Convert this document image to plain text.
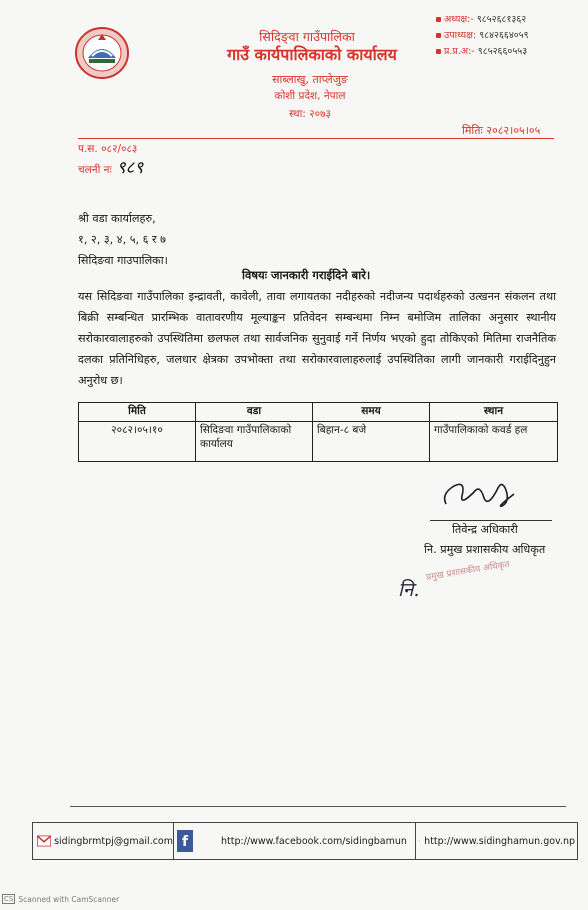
सिदिङ्वा गाउँपालिका
गाउँ कार्यपालिकाको कार्यालय
साब्लाखु, ताप्लेजुङ
कोशी प्रदेश, नेपाल
स्था: २०७३
अध्यक्ष:- ९८५२६८१३६२
उपाध्यक्ष: ९८४२६६४०५९
प्र.प्र.अ:- ९८५२६६०५५३
मितिः २०८२।०५।०५
प.स. ०८२/०८३
चलनी नः ९८९
श्री वडा कार्यालहरु,
१, २, ३, ४, ५, ६ र ७
सिदिङवा गाउपालिका।
विषयः जानकारी गराईदिने बारे।
यस सिदिङवा गाउँपालिका इन्द्रावती, कावेली, तावा लगायतका नदीहरुको नदीजन्य पदार्थहरुको उत्खनन संकलन तथा बिक्री सम्बन्धित प्रारम्भिक वातावरणीय मूल्याङ्कन प्रतिवेदन सम्बन्धमा निम्न बमोजिम तालिका अनुसार स्थानीय सरोकारवालाहरुको उपस्थितिमा छलफल तथा सार्वजनिक सुनुवाई गर्ने निर्णय भएको हुदा तोकिएको मितिमा राजनैतिक दलका प्रतिनिधिहरु, जलधार क्षेत्रका उपभोक्ता तथा सरोकारवालाहरुलाई उपस्थितिका लागी जानकारी गराईदिनुहुन अनुरोध छ।
मिति	वडा	समय	स्थान
२०८२।०५।१०	सिदिङवा गाउँपालिकाको कार्यालय	बिहान-८ बजे	गाउँपालिकाको कवर्ड हल
तिवेन्द्र अधिकारी
नि. प्रमुख प्रशासकीय अधिकृत
नि.
प्रमुख प्रशासकीय अधिकृत
sidingbrmtpj@gmail.com f	http://www.facebook.com/sidingbamun http://www.sidinghamun.gov.np
CS Scanned with CamScanner
